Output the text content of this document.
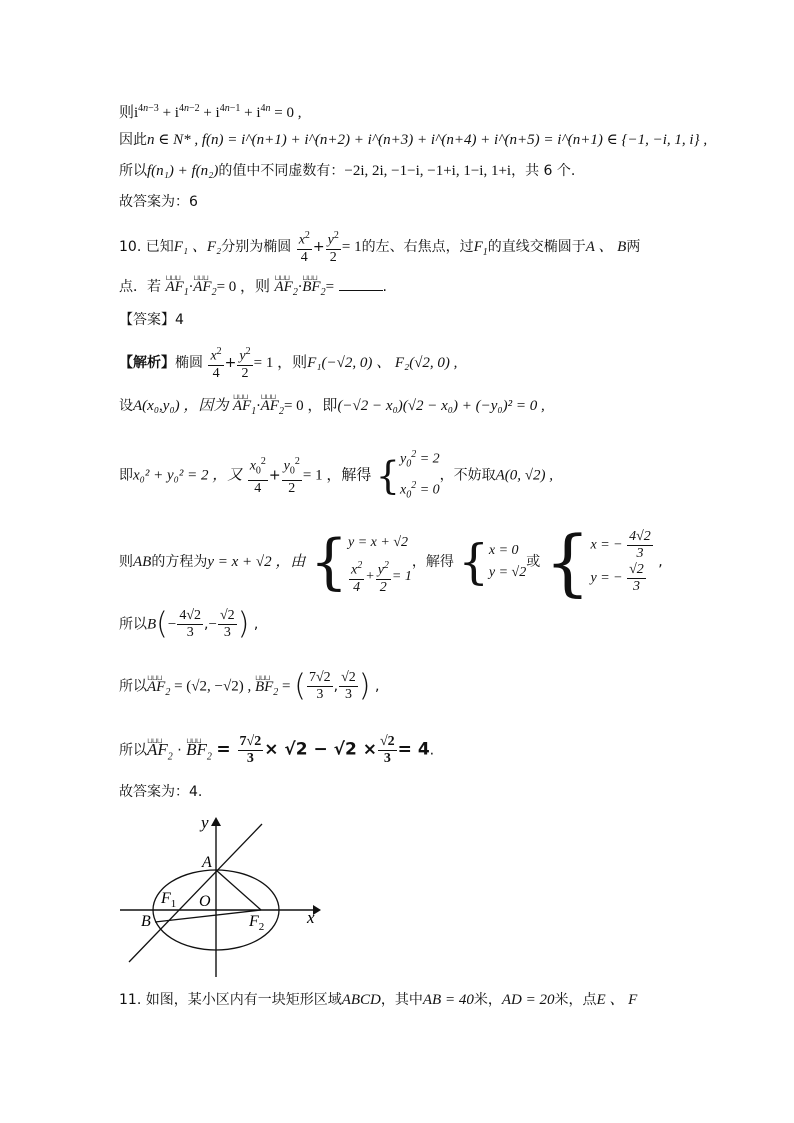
则$i^{4n-3} + i^{4n-2} + i^{4n-1} + i^{4n} = 0$ ,
因此n ∈ N* , f(n) = i^(n+1) + i^(n+2) + i^(n+3) + i^(n+4) + i^(n+5) = i^(n+1) ∈ {−1, −i, 1, i} ,
所以f(n₁) + f(n₂)的值中不同虚数有：−2i, 2i, −1−i, −1+i, 1−i, 1+i，共 6 个.
故答案为：6
10. 已知F₁ 、F₂分别为椭圆 $\frac{x^2}{4} + \frac{y^2}{2} = 1$的左、右焦点，过$F_1$的直线交椭圆于A 、 B两
点．若 ⊔⊔⊔ $AF_1\cdot⊔⊔⊔$ $AF_2= 0$ ，则 ⊔⊔⊔ $AF_2\cdot⊔⊔⊔$ $BF_2=$	.
【答案】4
【解析】椭圆 $\frac{x^2}{4} + \frac{y^2}{2} = 1$ ，则F₁(−√2, 0) 、 F₂(√2, 0) ,
设A(x₀,y₀) ，因为 ⊔⊔⊔ $AF_1\cdot⊔⊔⊔$ $AF_2= 0$ ，即(−√2 − x₀)(√2 − x₀) + (−y₀)² = 0 ,
即x₀² + y₀² = 2 ，又 $\frac{x_0^2}{4} + \frac{y_0^2}{2} = 1$ ，解得 { $y_0^2 = 2$
$x_0^2 = 0$
，不妨取A(0, √2) ,
则AB的方程为y = x + √2 ，由 { y = x + √2
$\frac{x^2}{4} + \frac{y^2}{2} = 1$
，解得 { x = 0
y = √2
或 { x = − $\frac{4√2}{3}$
y = − $\frac{√2}{3}$ ,
所以$B(- \frac{4√2}{3}$ ,− $\frac{√2}{3}$ ) ,
所以⊔⊔⊔ $AF_2 = (√2$, −√2) , ⊔⊔⊔ $BF_2$ = ( $\frac{7√2}{3}$ , $\frac{√2}{3}$ ) ,
所以⊔⊔⊔ $AF_2$ · ⊔⊔⊔ $BF_2 = \frac{7√2}{3} \times √2 - √2 \times \frac{√2}{3} = 4$.
故答案为：4.
y
x
A
O
$F_1$
$F_2$
B
11. 如图，某小区内有一块矩形区域ABCD，其中AB = 40米，AD = 20米，点E 、 F
